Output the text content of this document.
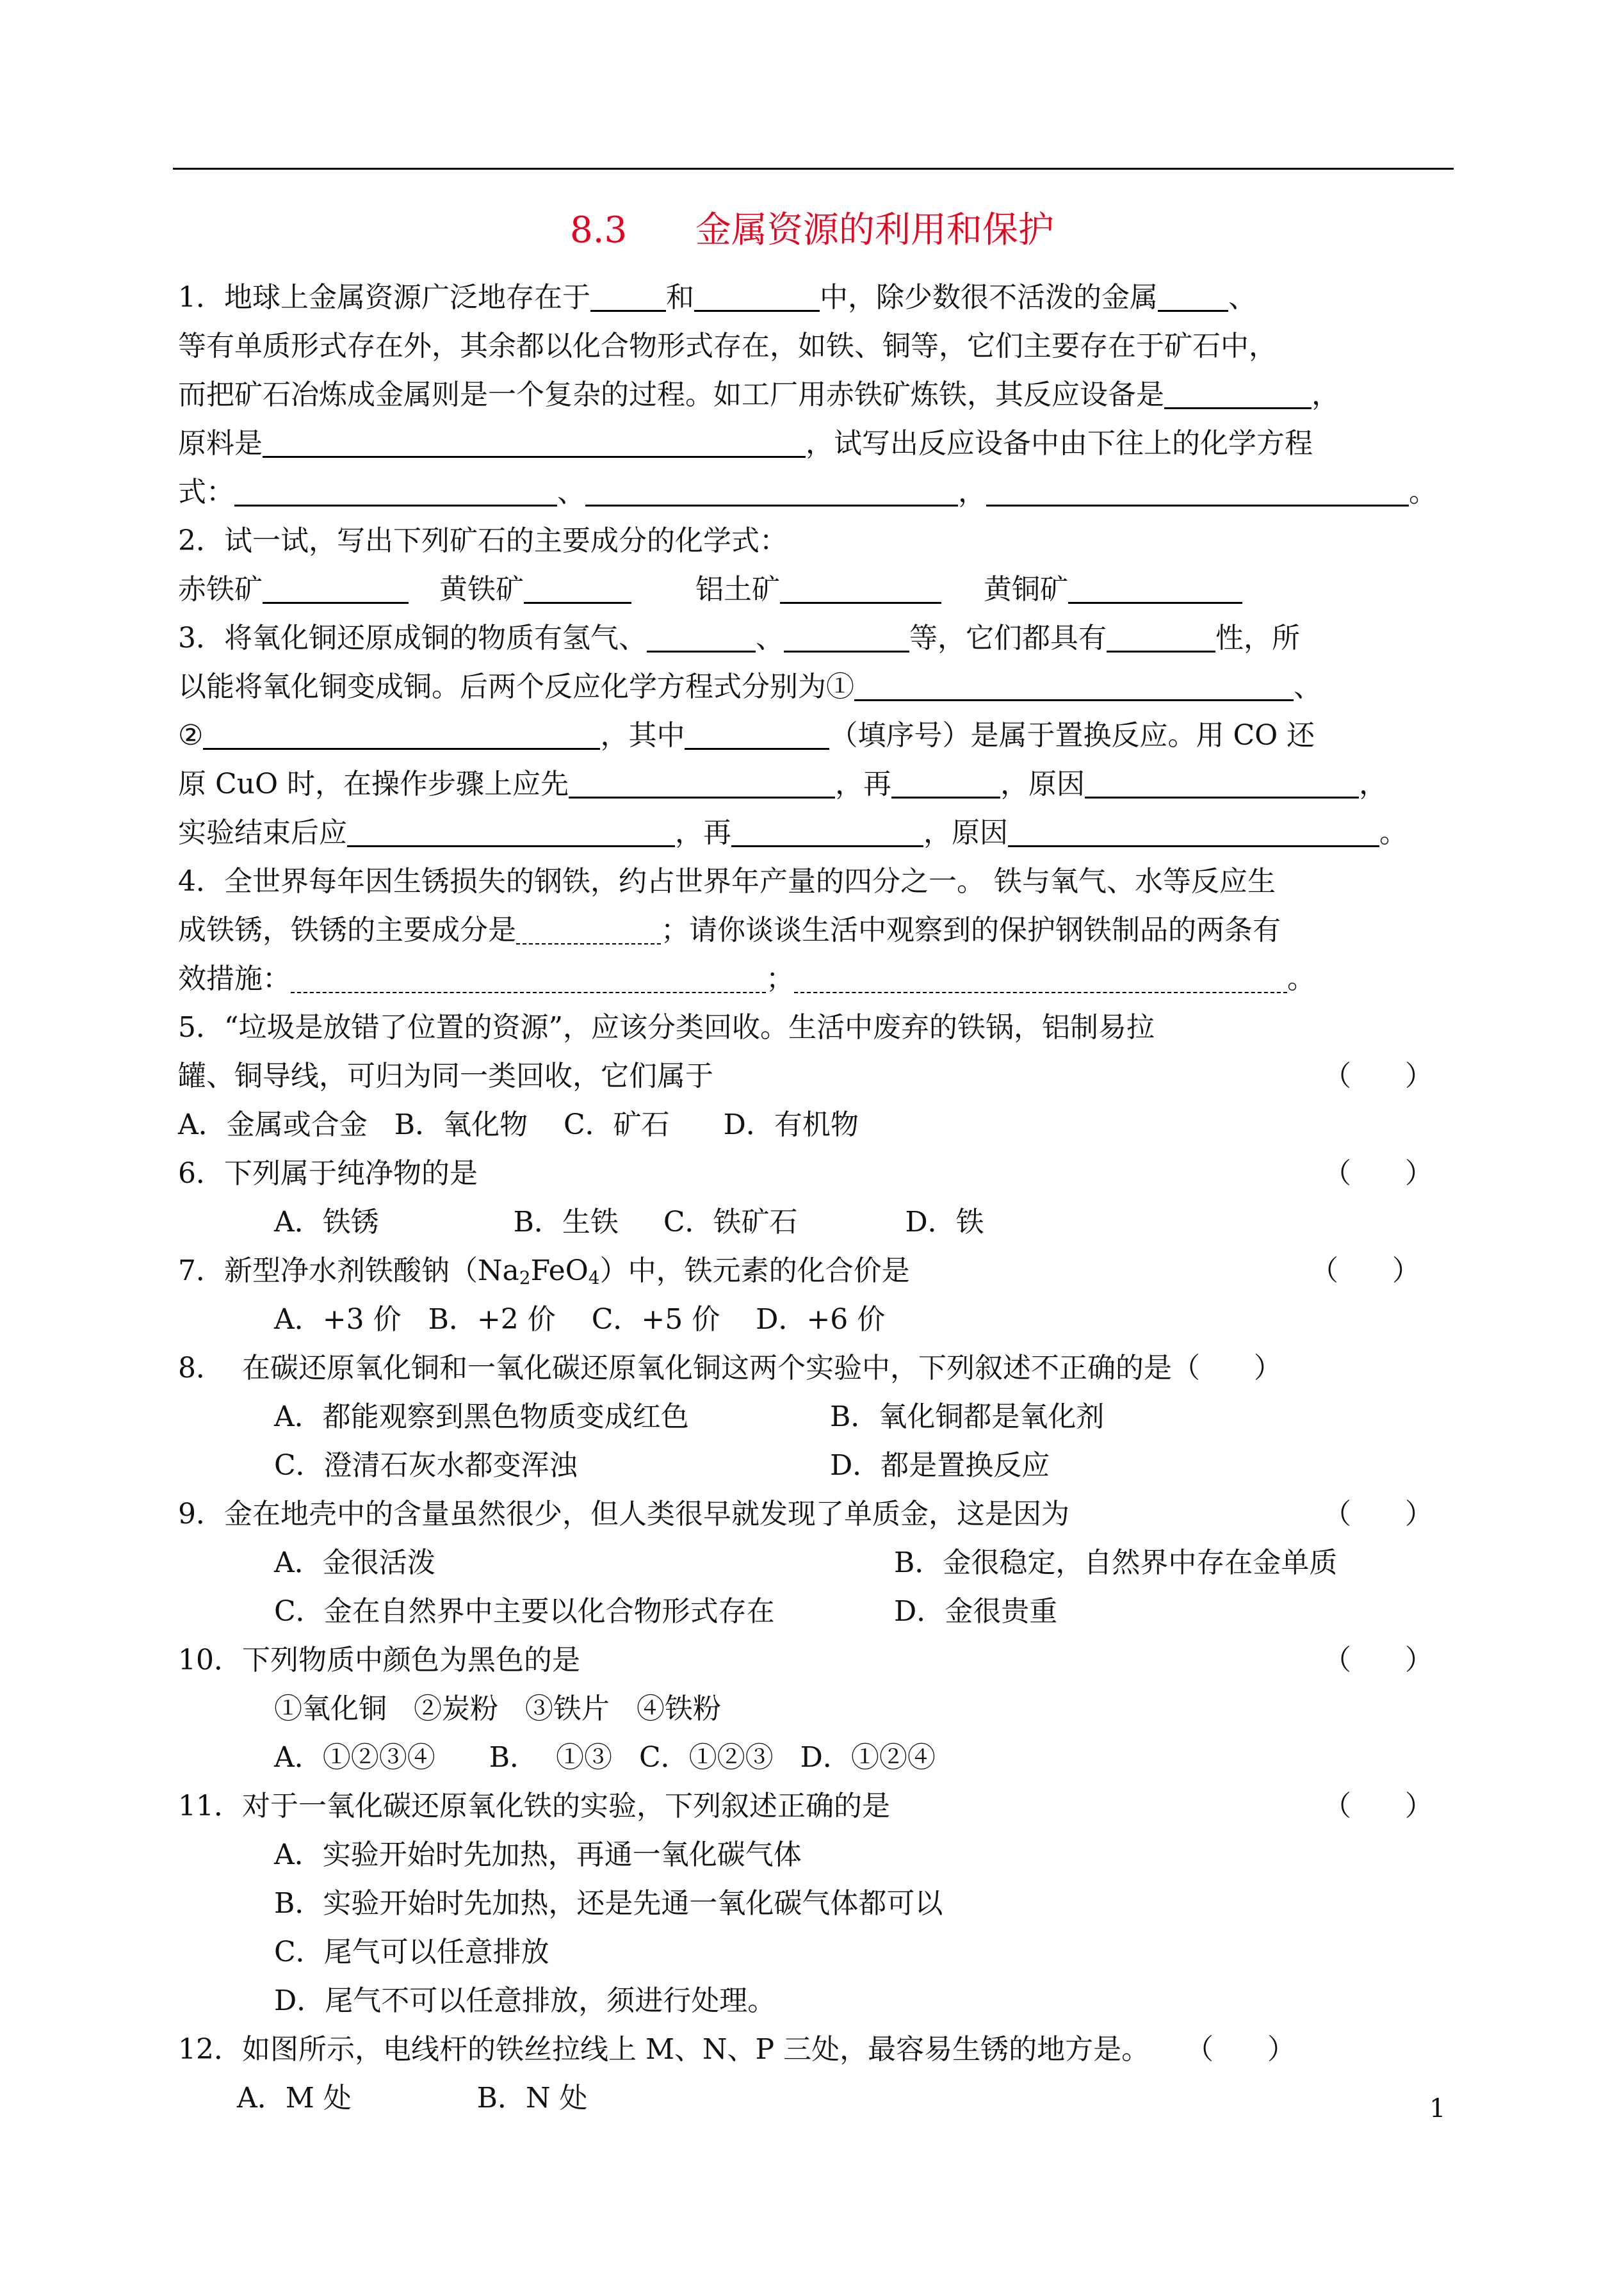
8.3      金属资源的利用和保护
1．地球上金属资源广泛地存在于	和	中，除少数很不活泼的金属	、
等有单质形式存在外，其余都以化合物形式存在，如铁、铜等，它们主要存在于矿石中，
而把矿石冶炼成金属则是一个复杂的过程。如工厂用赤铁矿炼铁，其反应设备是	，
原料是	，试写出反应设备中由下往上的化学方程
式：	、	，	。
2．试一试，写出下列矿石的主要成分的化学式：
赤铁矿	黄铁矿	铝土矿	黄铜矿
3．将氧化铜还原成铜的物质有氢气、	、	等，它们都具有	性，所
以能将氧化铜变成铜。后两个反应化学方程式分别为①	、
②	，其中	（填序号）是属于置换反应。用 CO 还
原 CuO 时，在操作步骤上应先	，再	，原因	，
实验结束后应	，再	，原因	。
4．全世界每年因生锈损失的钢铁，约占世界年产量的四分之一。 铁与氧气、水等反应生
成铁锈，铁锈的主要成分是	；请你谈谈生活中观察到的保护钢铁制品的两条有
效措施：	；	。
5．“垃圾是放错了位置的资源”，应该分类回收。生活中废弃的铁锅，铝制易拉
罐、铜导线，可归为同一类回收，它们属于	（      ）
A．金属或合金   B．氧化物    C．矿石      D．有机物
6．下列属于纯净物的是	（      ）
A．铁锈               B．生铁     C．铁矿石            D．铁
7．新型净水剂铁酸钠$(Na_2FeO_4)$中，铁元素的化合价是	（      ）
A．+3 价   B．+2 价    C．+5 价    D．+6 价
8．  在碳还原氧化铜和一氧化碳还原氧化铜这两个实验中，下列叙述不正确的是（      ）
A．都能观察到黑色物质变成红色	B．氧化铜都是氧化剂
C．澄清石灰水都变浑浊	D．都是置换反应
9．金在地壳中的含量虽然很少，但人类很早就发现了单质金，这是因为	（      ）
A．金很活泼	B．金很稳定，自然界中存在金单质
C．金在自然界中主要以化合物形式存在	D．金很贵重
10．下列物质中颜色为黑色的是	（      ）
①氧化铜   ②炭粉   ③铁片   ④铁粉
A．①②③④      B．  ①③   C．①②③   D．①②④
11．对于一氧化碳还原氧化铁的实验，下列叙述正确的是	（      ）
A．实验开始时先加热，再通一氧化碳气体
B．实验开始时先加热，还是先通一氧化碳气体都可以
C．尾气可以任意排放
D．尾气不可以任意排放，须进行处理。
12．如图所示，电线杆的铁丝拉线上 M、N、P 三处，最容易生锈的地方是。    （      ）
A．M 处              B．N 处	1
